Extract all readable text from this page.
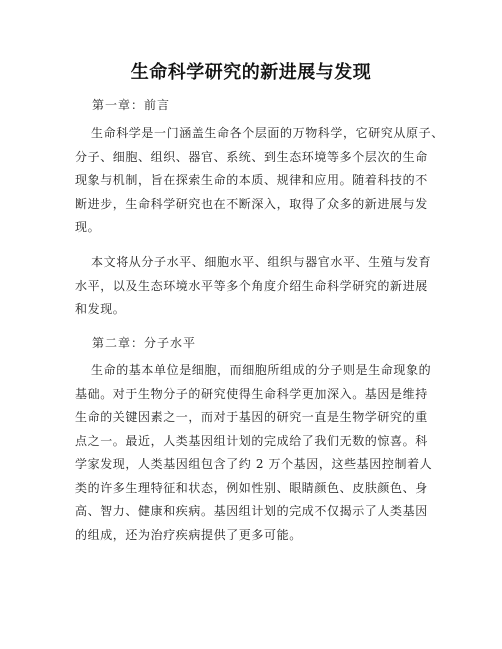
生命科学研究的新进展与发现
第一章：前言
生命科学是一门涵盖生命各个层面的万物科学，它研究从原子、
分子、细胞、组织、器官、系统、到生态环境等多个层次的生命
现象与机制，旨在探索生命的本质、规律和应用。随着科技的不
断进步，生命科学研究也在不断深入，取得了众多的新进展与发
现。
本文将从分子水平、细胞水平、组织与器官水平、生殖与发育
水平，以及生态环境水平等多个角度介绍生命科学研究的新进展
和发现。
第二章：分子水平
生命的基本单位是细胞，而细胞所组成的分子则是生命现象的
基础。对于生物分子的研究使得生命科学更加深入。基因是维持
生命的关键因素之一，而对于基因的研究一直是生物学研究的重
点之一。最近，人类基因组计划的完成给了我们无数的惊喜。科
学家发现，人类基因组包含了约 2 万个基因，这些基因控制着人
类的许多生理特征和状态，例如性别、眼睛颜色、皮肤颜色、身
高、智力、健康和疾病。基因组计划的完成不仅揭示了人类基因
的组成，还为治疗疾病提供了更多可能。
